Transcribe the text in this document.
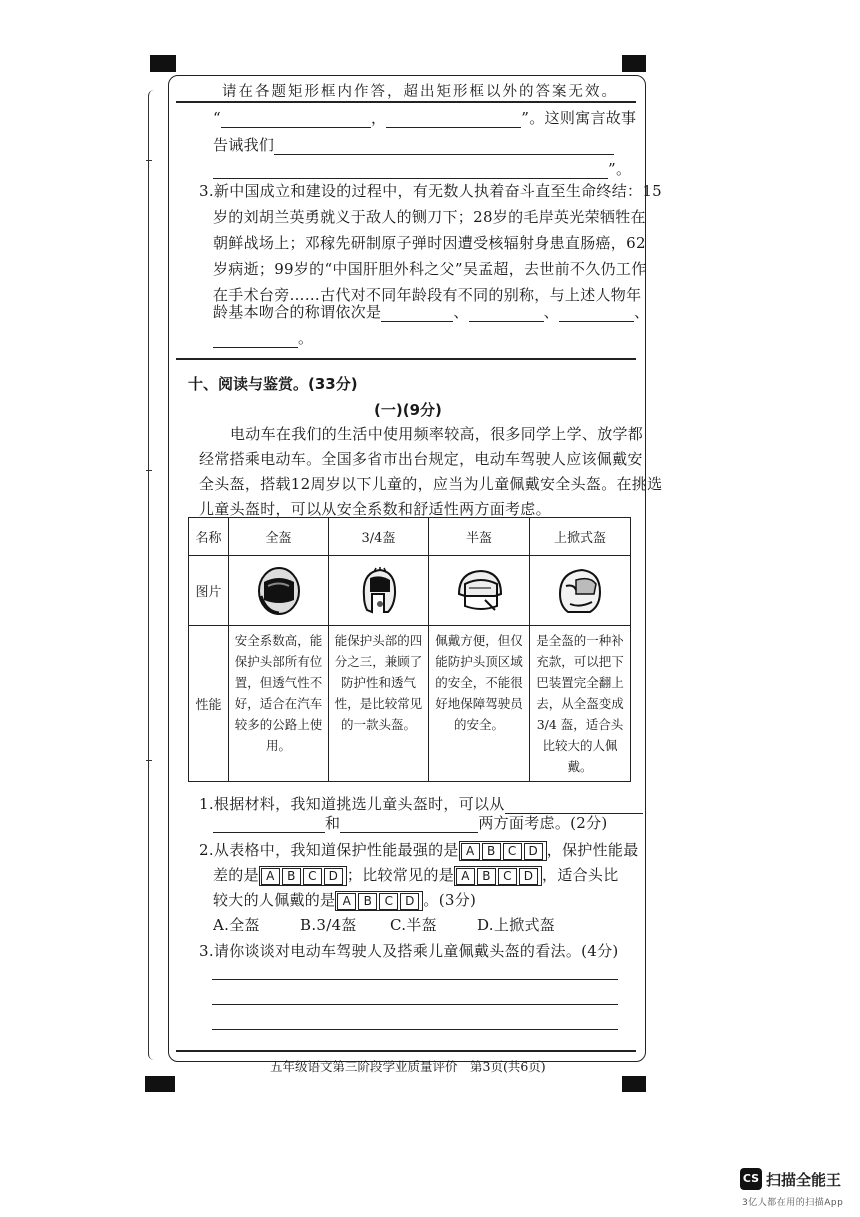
请在各题矩形框内作答，超出矩形框以外的答案无效。
“	，	”。这则寓言故事
告诫我们
”。
3.新中国成立和建设的过程中，有无数人执着奋斗直至生命终结：15
岁的刘胡兰英勇就义于敌人的铡刀下；28岁的毛岸英光荣牺牲在
朝鲜战场上；邓稼先研制原子弹时因遭受核辐射身患直肠癌，62
岁病逝；99岁的“中国肝胆外科之父”吴孟超，去世前不久仍工作
在手术台旁……古代对不同年龄段有不同的别称，与上述人物年
龄基本吻合的称谓依次是	、	、	、
。
十、阅读与鉴赏。(33分)
(一)(9分)
电动车在我们的生活中使用频率较高，很多同学上学、放学都
经常搭乘电动车。全国多省市出台规定，电动车驾驶人应该佩戴安
全头盔，搭载12周岁以下儿童的，应当为儿童佩戴安全头盔。在挑选
儿童头盔时，可以从安全系数和舒适性两方面考虑。
名称	全盔	3/4盔	半盔	上掀式盔
图片	

性能	安全系数高，能保护头部所有位置，但透气性不好，适合在汽车较多的公路上使用。	能保护头部的四分之三，兼顾了防护性和透气性，是比较常见的一款头盔。	佩戴方便，但仅能防护头顶区域的安全，不能很好地保障驾驶员的安全。	是全盔的一种补充款，可以把下巴装置完全翻上去，从全盔变成 3/4 盔，适合头比较大的人佩戴。
1.根据材料，我知道挑选儿童头盔时，可以从
和	两方面考虑。(2分)
2.从表格中，我知道保护性能最强的是 A B C D ，保护性能最
差的是 A B C D ；比较常见的是 A B C D ，适合头比
较大的人佩戴的是 A B C D 。(3分)
A.全盔	B.3/4盔 C.半盔	D.上掀式盔
3.请你谈谈对电动车驾驶人及搭乘儿童佩戴头盔的看法。(4分)
五年级语文第三阶段学业质量评价　第3页(共6页)
CS 扫描全能王
3亿人都在用的扫描App
